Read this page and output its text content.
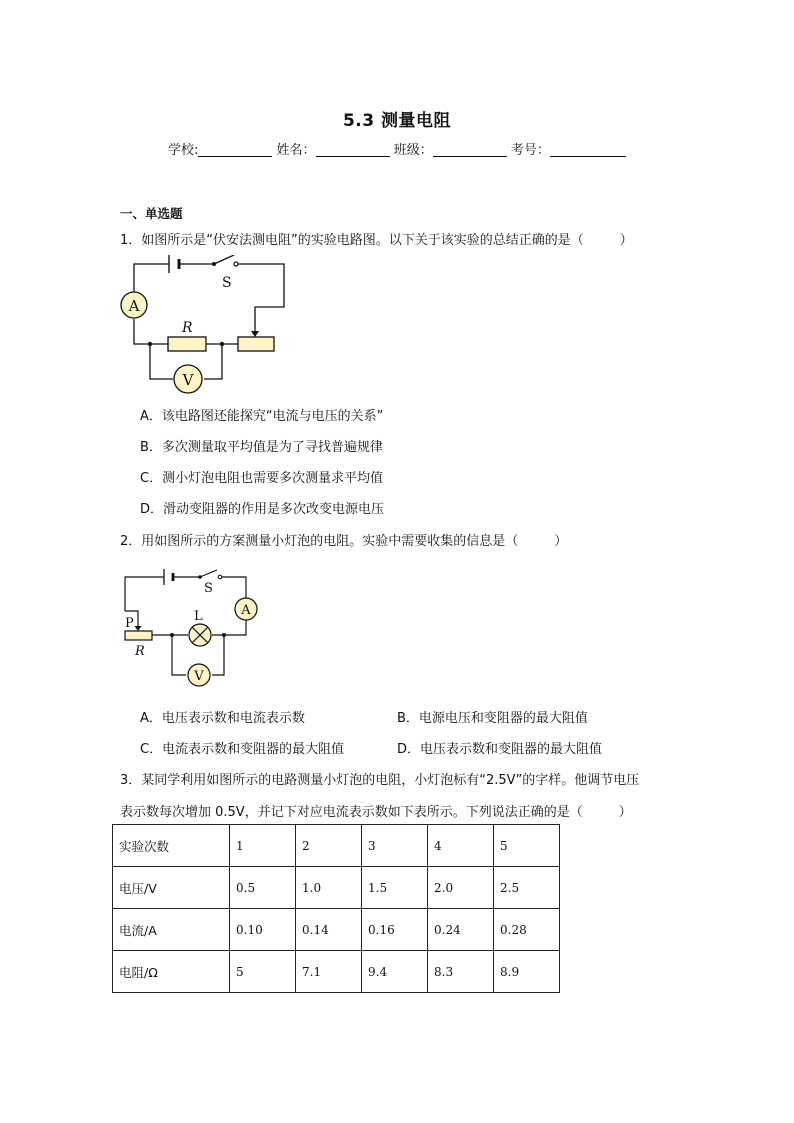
5.3 测量电阻
学校:	姓名：	班级：	考号：
一、单选题
1．如图所示是“伏安法测电阻”的实验电路图。以下关于该实验的总结正确的是（	）
S
A
R
V
A．该电路图还能探究“电流与电压的关系”
B．多次测量取平均值是为了寻找普遍规律
C．测小灯泡电阻也需要多次测量求平均值
D．滑动变阻器的作用是多次改变电源电压
2．用如图所示的方案测量小灯泡的电阻。实验中需要收集的信息是（	）
S
A
P
R
L
V
A．电压表示数和电流表示数	B．电源电压和变阻器的最大阻值
C．电流表示数和变阻器的最大阻值	D．电压表示数和变阻器的最大阻值
3．某同学利用如图所示的电路测量小灯泡的电阻，小灯泡标有“2.5V”的字样。他调节电压
表示数每次增加 0.5V，并记下对应电流表示数如下表所示。下列说法正确的是（	）
实验次数	1	2	3	4	5
电压/V	0.5	1.0	1.5	2.0	2.5
电流/A	0.10	0.14	0.16	0.24	0.28
电阻/Ω	5	7.1	9.4	8.3	8.9
